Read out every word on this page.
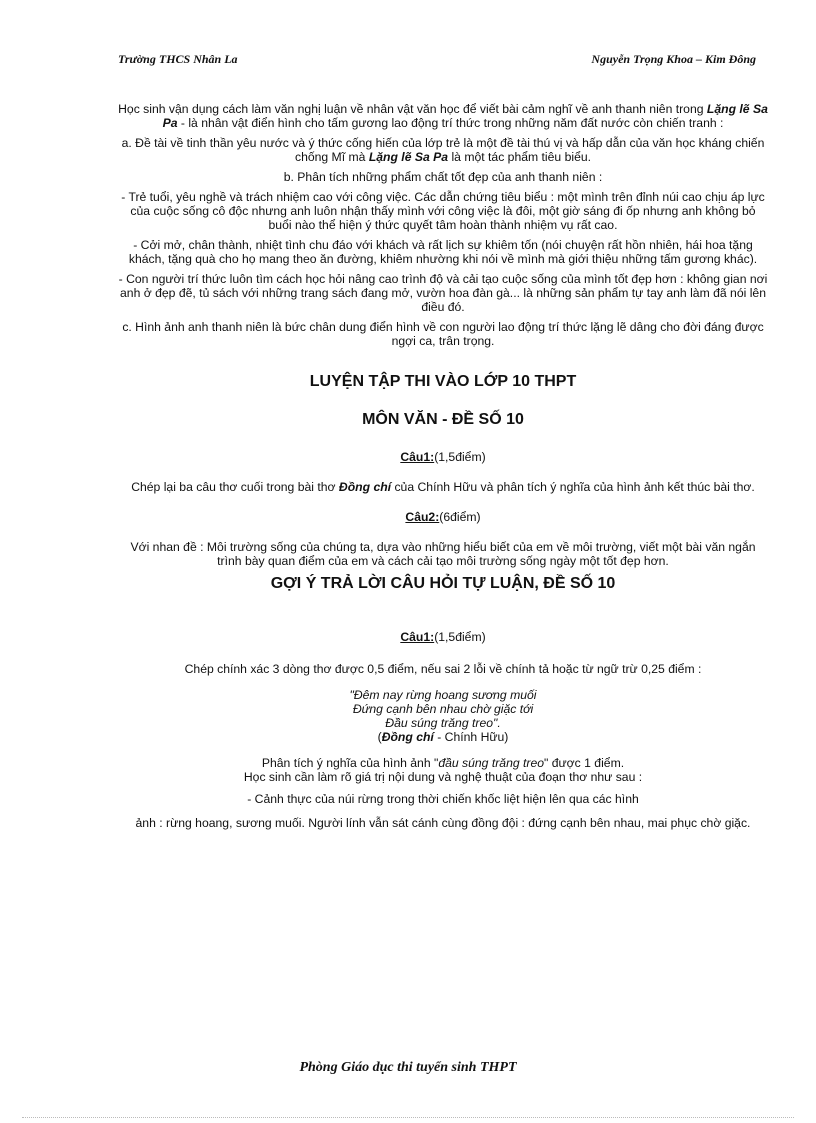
Trường THCS Nhân La	Nguyễn Trọng Khoa – Kim Đông

Học sinh vận dụng cách làm văn nghị luận về nhân vật văn học để viết bài cảm nghĩ về anh thanh niên trong Lặng lẽ Sa Pa - là nhân vật điển hình cho tấm gương lao động trí thức trong những năm đất nước còn chiến tranh :

a. Đề tài về tinh thần yêu nước và ý thức cống hiến của lớp trẻ là một đề tài thú vị và hấp dẫn của văn học kháng chiến chống Mĩ mà Lặng lẽ Sa Pa là một tác phẩm tiêu biểu.

b. Phân tích những phẩm chất tốt đẹp của anh thanh niên :

- Trẻ tuổi, yêu nghề và trách nhiệm cao với công việc. Các dẫn chứng tiêu biểu : một mình trên đỉnh núi cao chịu áp lực của cuộc sống cô độc nhưng anh luôn nhận thấy mình với công việc là đôi, một giờ sáng đi ốp nhưng anh không bỏ buổi nào thể hiện ý thức quyết tâm hoàn thành nhiệm vụ rất cao.

- Cởi mở, chân thành, nhiệt tình chu đáo với khách và rất lịch sự khiêm tốn (nói chuyện rất hồn nhiên, hái hoa tặng khách, tặng quà cho họ mang theo ăn đường, khiêm nhường khi nói về mình mà giới thiệu những tấm gương khác).

- Con người trí thức luôn tìm cách học hỏi nâng cao trình độ và cải tạo cuộc sống của mình tốt đẹp hơn : không gian nơi anh ở đẹp đẽ, tủ sách với những trang sách đang mở, vườn hoa đàn gà... là những sản phẩm tự tay anh làm đã nói lên điều đó.

c. Hình ảnh anh thanh niên là bức chân dung điển hình về con người lao động trí thức lặng lẽ dâng cho đời đáng được ngợi ca, trân trọng.

LUYỆN TẬP THI VÀO LỚP 10 THPT
MÔN VĂN - ĐỀ SỐ 10

Câu1:(1,5điểm)

Chép lại ba câu thơ cuối trong bài thơ Đồng chí của Chính Hữu và phân tích ý nghĩa của hình ảnh kết thúc bài thơ.

Câu2:(6điểm)

Với nhan đề : Môi trường sống của chúng ta, dựa vào những hiểu biết của em về môi trường, viết một bài văn ngắn trình bày quan điểm của em và cách cải tạo môi trường sống ngày một tốt đẹp hơn.

GỢI Ý TRẢ LỜI CÂU HỎI TỰ LUẬN, ĐỀ SỐ 10

Câu1:(1,5điểm)

Chép chính xác 3 dòng thơ được 0,5 điểm, nếu sai 2 lỗi về chính tả hoặc từ ngữ trừ 0,25 điểm :

"Đêm nay rừng hoang sương muối
Đứng cạnh bên nhau chờ giặc tới
Đầu súng trăng treo".
(Đồng chí - Chính Hữu)
Phân tích ý nghĩa của hình ảnh "đầu súng trăng treo" được 1 điểm.
Học sinh cần làm rõ giá trị nội dung và nghệ thuật của đoạn thơ như sau :

- Cảnh thực của núi rừng trong thời chiến khốc liệt hiện lên qua các hình

ảnh : rừng hoang, sương muối. Người lính vẫn sát cánh cùng đồng đội : đứng cạnh bên nhau, mai phục chờ giặc.

Phòng Giáo dục thi tuyển sinh THPT
